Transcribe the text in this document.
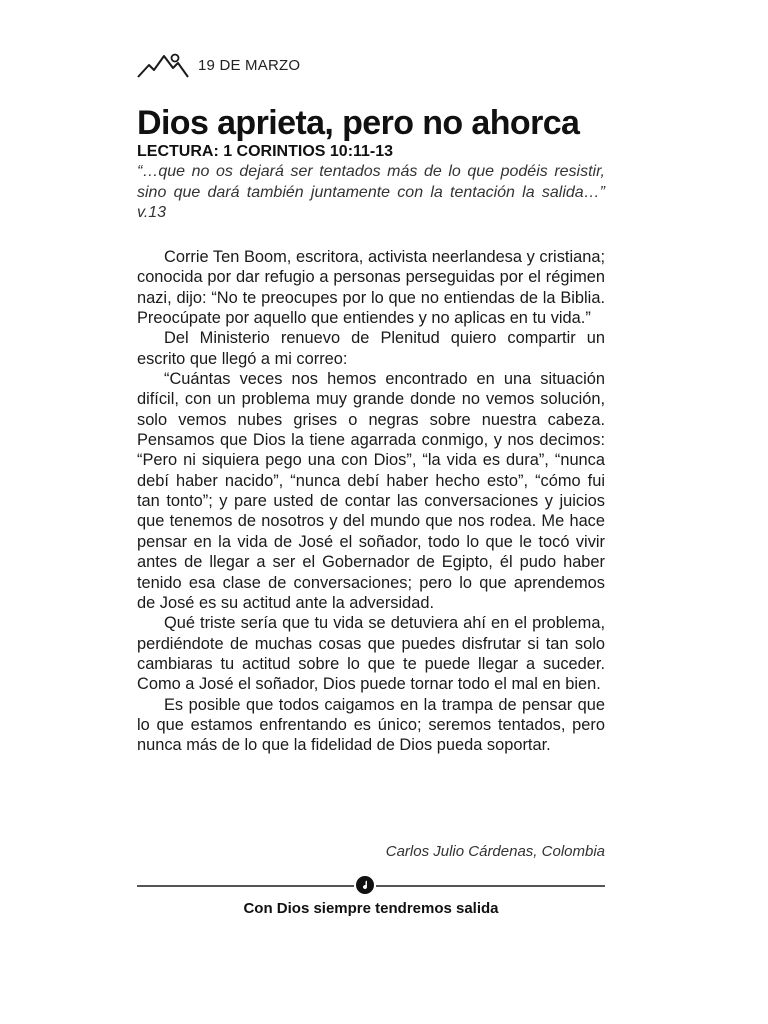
19 DE MARZO
Dios aprieta, pero no ahorca
LECTURA: 1 CORINTIOS 10:11-13
“…que no os dejará ser tentados más de lo que podéis resistir, sino que dará también juntamente con la tentación la salida…” v.13

Corrie Ten Boom, escritora, activista neerlandesa y cristiana; conocida por dar refugio a personas perseguidas por el régimen nazi, dijo: “No te preocupes por lo que no entiendas de la Biblia. Preocúpate por aquello que entiendes y no aplicas en tu vida.”

Del Ministerio renuevo de Plenitud quiero compartir un escrito que llegó a mi correo:

“Cuántas veces nos hemos encontrado en una situación difícil, con un problema muy grande donde no vemos solución, solo vemos nubes grises o negras sobre nuestra cabeza. Pensamos que Dios la tiene agarrada conmigo, y nos decimos: “Pero ni siquiera pego una con Dios”, “la vida es dura”, “nunca debí haber nacido”, “nunca debí haber hecho esto”, “cómo fui tan tonto”; y pare usted de contar las conversaciones y juicios que tenemos de nosotros y del mundo que nos rodea. Me hace pensar en la vida de José el soñador, todo lo que le tocó vivir antes de llegar a ser el Gobernador de Egipto, él pudo haber tenido esa clase de conversaciones; pero lo que aprendemos de José es su actitud ante la adversidad.

Qué triste sería que tu vida se detuviera ahí en el problema, perdiéndote de muchas cosas que puedes disfrutar si tan solo cambiaras tu actitud sobre lo que te puede llegar a suceder. Como a José el soñador, Dios puede tornar todo el mal en bien.

Es posible que todos caigamos en la trampa de pensar que lo que estamos enfrentando es único; seremos tentados, pero nunca más de lo que la fidelidad de Dios pueda soportar.

Carlos Julio Cárdenas, Colombia
Con Dios siempre tendremos salida
